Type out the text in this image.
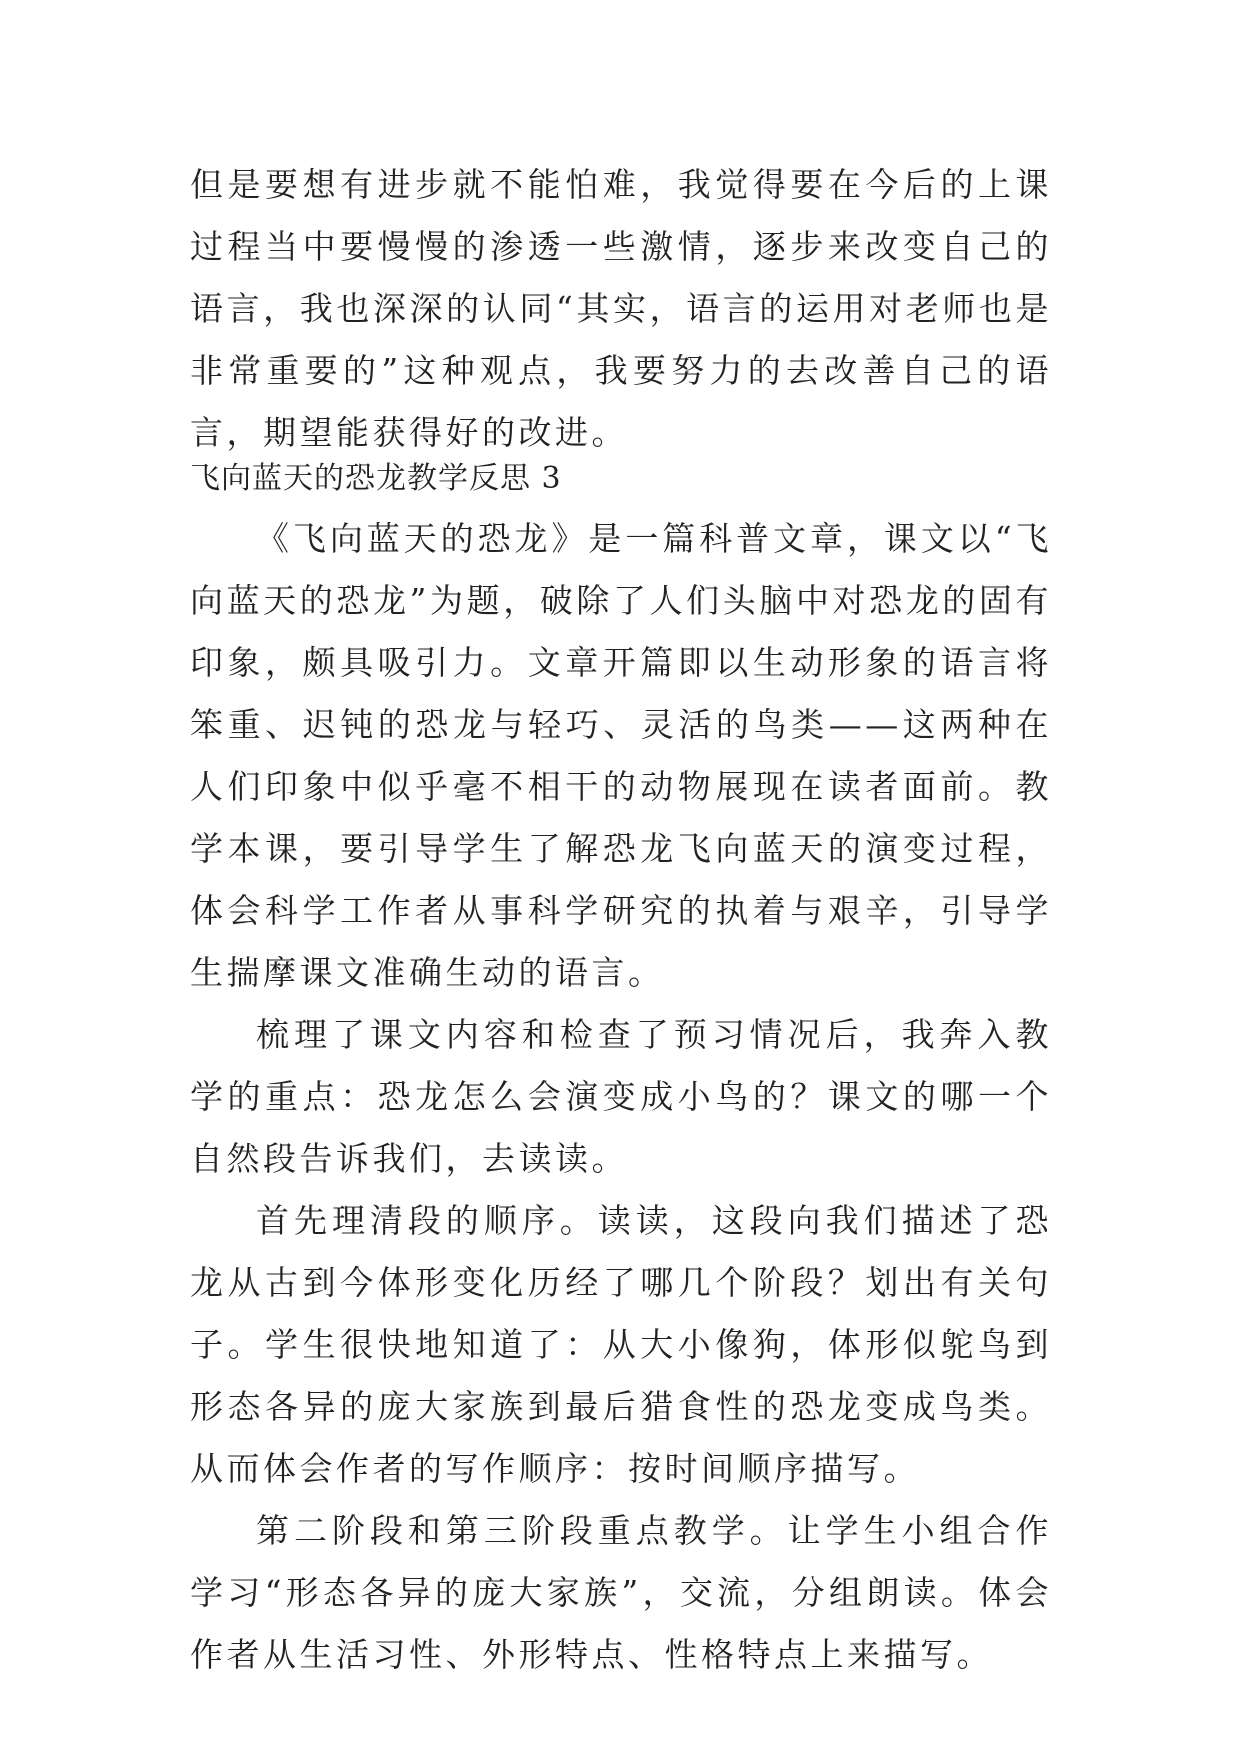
但是要想有进步就不能怕难，我觉得要在今后的上课过程当中要慢慢的渗透一些激情，逐步来改变自己的语言，我也深深的认同“其实，语言的运用对老师也是非常重要的”这种观点，我要努力的去改善自己的语言，期望能获得好的改进。

飞向蓝天的恐龙教学反思 3

《飞向蓝天的恐龙》是一篇科普文章，课文以“飞向蓝天的恐龙”为题，破除了人们头脑中对恐龙的固有印象，颇具吸引力。文章开篇即以生动形象的语言将笨重、迟钝的恐龙与轻巧、灵活的鸟类——这两种在人们印象中似乎毫不相干的动物展现在读者面前。教学本课，要引导学生了解恐龙飞向蓝天的演变过程，体会科学工作者从事科学研究的执着与艰辛，引导学生揣摩课文准确生动的语言。

梳理了课文内容和检查了预习情况后，我奔入教学的重点：恐龙怎么会演变成小鸟的？课文的哪一个自然段告诉我们，去读读。

首先理清段的顺序。读读，这段向我们描述了恐龙从古到今体形变化历经了哪几个阶段？划出有关句子。学生很快地知道了：从大小像狗，体形似鸵鸟到形态各异的庞大家族到最后猎食性的恐龙变成鸟类。从而体会作者的写作顺序：按时间顺序描写。

第二阶段和第三阶段重点教学。让学生小组合作学习“形态各异的庞大家族”，交流，分组朗读。体会作者从生活习性、外形特点、性格特点上来描写。
